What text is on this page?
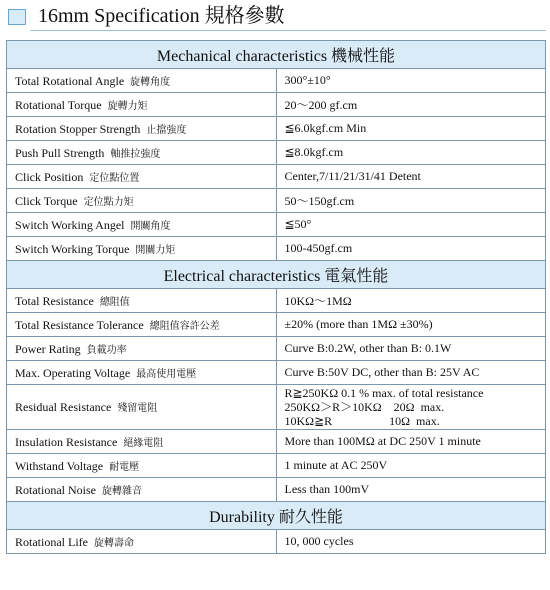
16mm Specification 規格參數
Mechanical characteristics 機械性能	
Total Rotational Angle 旋轉角度	300°±10°
Rotational Torque 旋轉力矩	20～200 gf.cm
Rotation Stopper Strength 止擋強度	≦6.0kgf.cm Min
Push Pull Strength 軸推拉強度	≦8.0kgf.cm
Click Position 定位點位置	Center,7/11/21/31/41 Detent
Click Torque 定位點力矩	50～150gf.cm
Switch Working Angel 開關角度	≦50°
Switch Working Torque 開關力矩	100-450gf.cm
Electrical characteristics 電氣性能	
Total Resistance 總阻值	10KΩ～1MΩ
Total Resistance Tolerance 總阻值容許公差	±20% (more than 1MΩ ±30%)
Power Rating 負載功率	Curve B:0.2W, other than B: 0.1W
Max. Operating Voltage 最高使用電壓	Curve B:50V DC, other than B: 25V AC
Residual Resistance 殘留電阻	R≧250KΩ 0.1 % max. of total resistance
250KΩ＞R＞10KΩ    20Ω  max.
10KΩ≧R                   10Ω  max.

Insulation Resistance 絕緣電阻	More than 100MΩ at DC 250V 1 minute
Withstand Voltage 耐電壓	1 minute at AC 250V
Rotational Noise 旋轉雜音	Less than 100mV
Durability 耐久性能	
Rotational Life 旋轉壽命	10, 000 cycles
